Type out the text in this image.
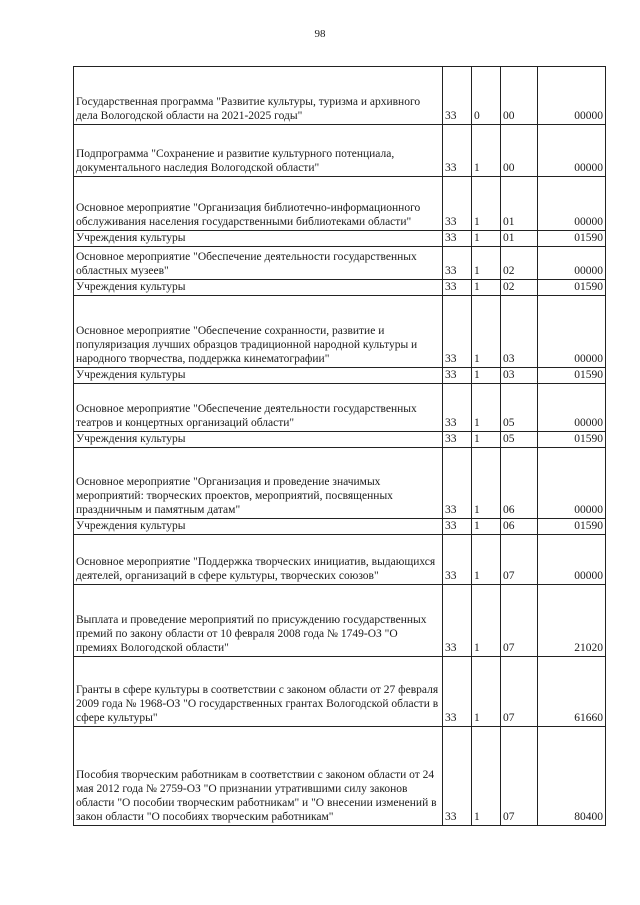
98
Государственная программа "Развитие культуры, туризма и архивного дела Вологодской области на 2021-2025 годы"	33	0	00	00000
Подпрограмма "Сохранение и развитие культурного потенциала, документального наследия Вологодской области"	33	1	00	00000
Основное мероприятие "Организация библиотечно-информационного обслуживания населения государственными библиотеками области"	33	1	01	00000
Учреждения культуры	33	1	01	01590
Основное мероприятие "Обеспечение деятельности государственных областных музеев"	33	1	02	00000
Учреждения культуры	33	1	02	01590
Основное мероприятие "Обеспечение сохранности, развитие и популяризация лучших образцов традиционной народной культуры и народного творчества, поддержка кинематографии"	33	1	03	00000
Учреждения культуры	33	1	03	01590
Основное мероприятие "Обеспечение деятельности государственных театров и концертных организаций области"	33	1	05	00000
Учреждения культуры	33	1	05	01590
Основное мероприятие "Организация и проведение значимых мероприятий: творческих проектов, мероприятий, посвященных праздничным и памятным датам"	33	1	06	00000
Учреждения культуры	33	1	06	01590
Основное мероприятие "Поддержка творческих инициатив, выдающихся деятелей, организаций в сфере культуры, творческих союзов"	33	1	07	00000
Выплата и проведение мероприятий по присуждению государственных премий по закону области от 10 февраля 2008 года № 1749-ОЗ "О премиях Вологодской области"	33	1	07	21020
Гранты в сфере культуры в соответствии с законом области от 27 февраля 2009 года № 1968-ОЗ "О государственных грантах Вологодской области в сфере культуры"	33	1	07	61660
Пособия творческим работникам в соответствии с законом области от 24 мая 2012 года № 2759-ОЗ "О признании утратившими силу законов области "О пособии творческим работникам" и "О внесении изменений в закон области "О пособиях творческим работникам"	33	1	07	80400
